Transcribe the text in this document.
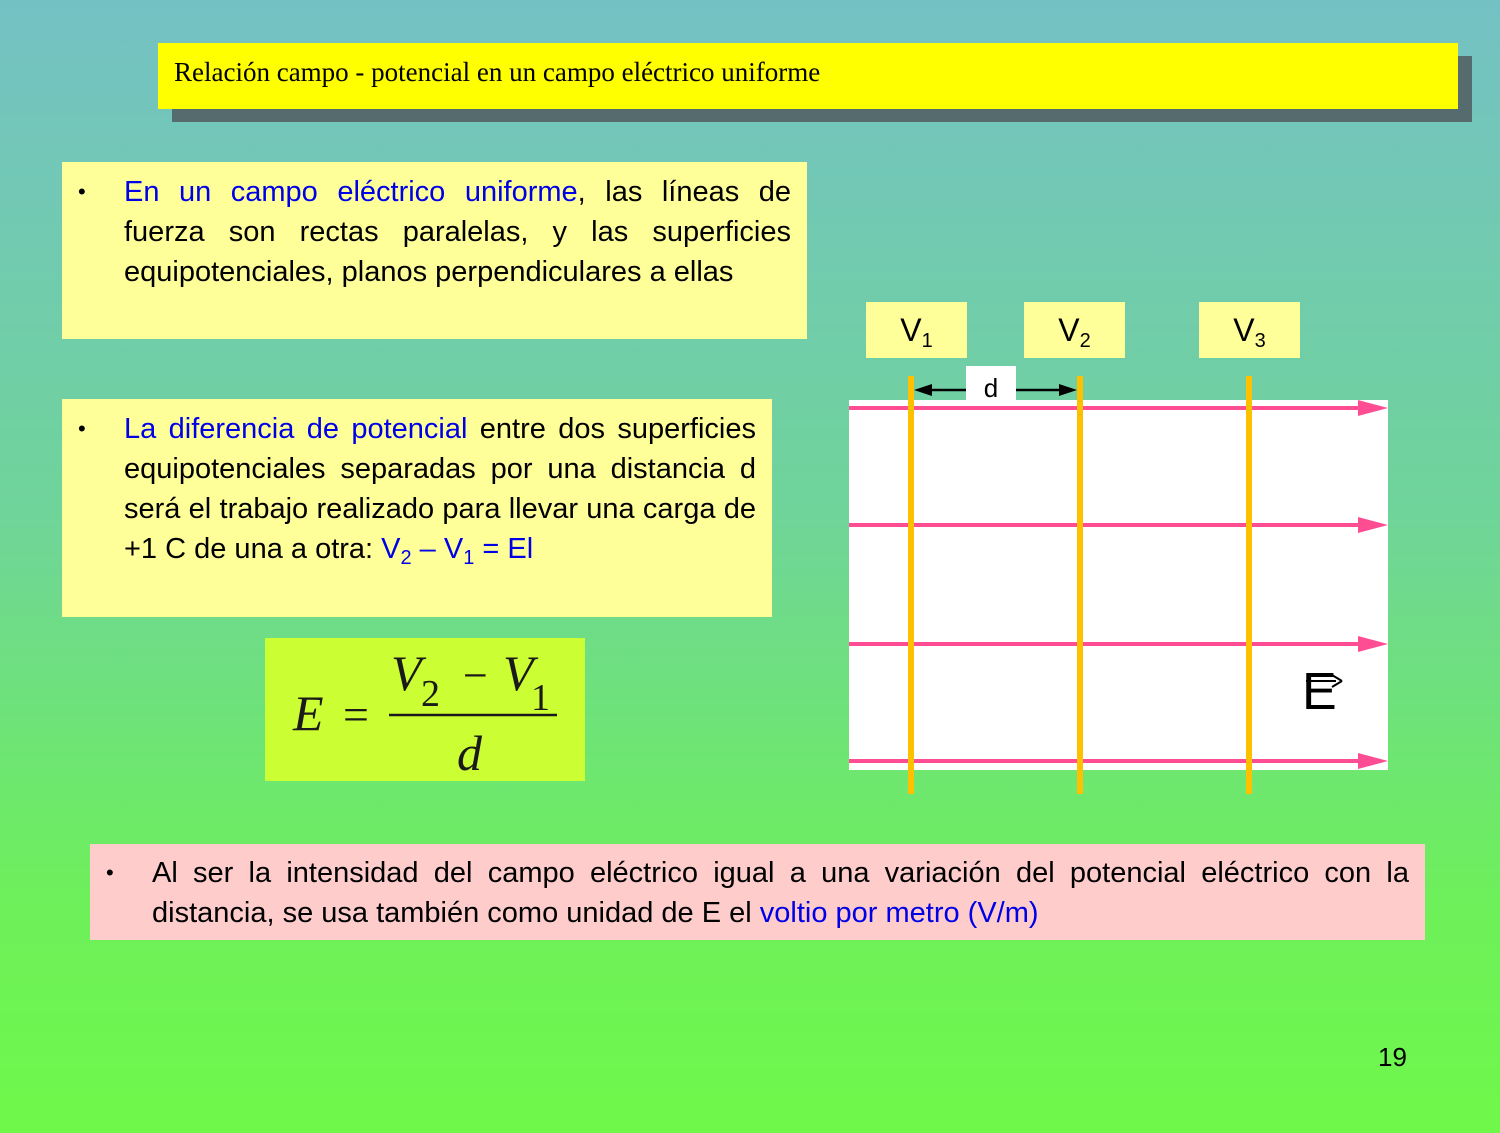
Relación campo - potencial en un campo eléctrico uniforme
•	En un campo eléctrico uniforme, las líneas de fuerza son rectas paralelas, y las superficies equipotenciales, planos perpendiculares a ellas
•	La diferencia de potencial entre dos superficies equipotenciales separadas por una distancia d será el trabajo realizado para llevar una carga de +1 C de una a otra: $V_2 - V_1 = El$
E =
V 2 − V
1
d
$V_1$	$V_2$	$V_3$
d
E
•	Al ser la intensidad del campo eléctrico igual a una variación del potencial eléctrico con la distancia, se usa también como unidad de E el voltio por metro (V/m)
19
